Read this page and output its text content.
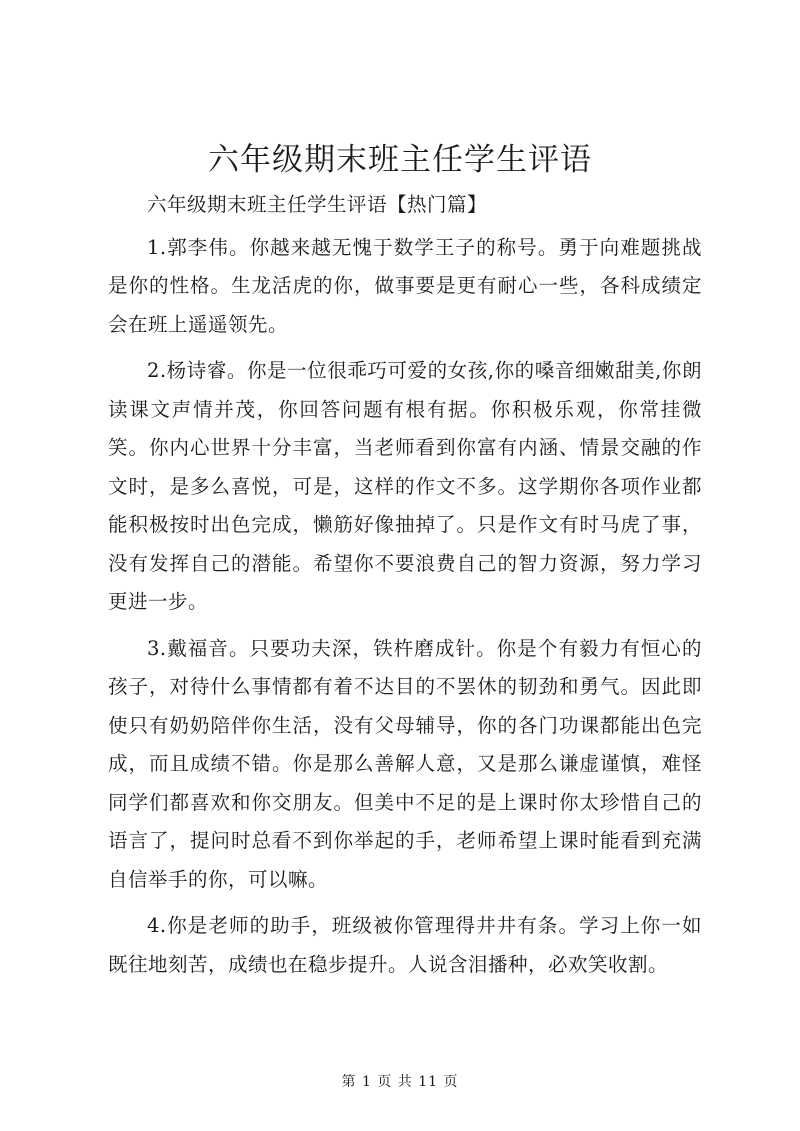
六年级期末班主任学生评语

六年级期末班主任学生评语【热门篇】

1.郭李伟。你越来越无愧于数学王子的称号。勇于向难题挑战是你的性格。生龙活虎的你，做事要是更有耐心一些，各科成绩定会在班上遥遥领先。

2.杨诗睿。你是一位很乖巧可爱的女孩,你的嗓音细嫩甜美,你朗读课文声情并茂，你回答问题有根有据。你积极乐观，你常挂微笑。你内心世界十分丰富，当老师看到你富有内涵、情景交融的作文时，是多么喜悦，可是，这样的作文不多。这学期你各项作业都能积极按时出色完成，懒筋好像抽掉了。只是作文有时马虎了事，没有发挥自己的潜能。希望你不要浪费自己的智力资源，努力学习更进一步。

3.戴福音。只要功夫深，铁杵磨成针。你是个有毅力有恒心的孩子，对待什么事情都有着不达目的不罢休的韧劲和勇气。因此即使只有奶奶陪伴你生活，没有父母辅导，你的各门功课都能出色完成，而且成绩不错。你是那么善解人意，又是那么谦虚谨慎，难怪同学们都喜欢和你交朋友。但美中不足的是上课时你太珍惜自己的语言了，提问时总看不到你举起的手，老师希望上课时能看到充满自信举手的你，可以嘛。

4.你是老师的助手，班级被你管理得井井有条。学习上你一如既往地刻苦，成绩也在稳步提升。人说含泪播种，必欢笑收割。

第 1 页 共 11 页
